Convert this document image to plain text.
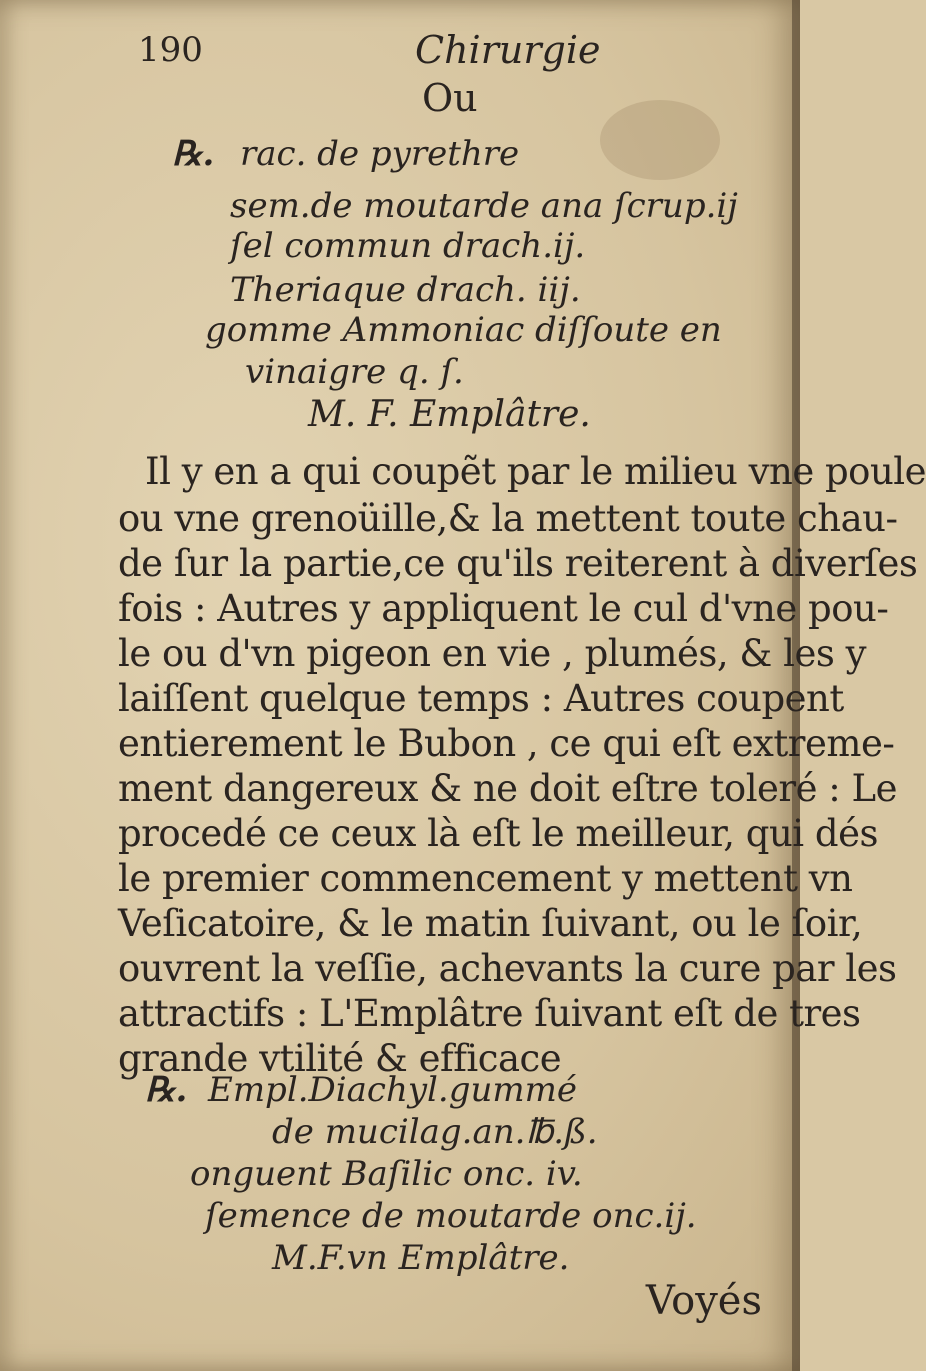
190	Chirurgie
Ou
℞. rac. de pyrethre
sem.de moutarde ana ſcrup.ij
ſel commun drach.ij.
Theriaque drach. iij.
gomme Ammoniac diſſoute en
vinaigre q. ſ.
M. F. Emplâtre.
Il y en a qui coupẽt par le milieu vne poule
ou vne grenoüille,& la mettent toute chau-
de ſur la partie,ce qu'ils reiterent à diverſes
fois : Autres y appliquent le cul d'vne pou-
le ou d'vn pigeon en vie , plumés, & les y
laiſſent quelque temps : Autres coupent
entierement le Bubon , ce qui eſt extreme-
ment dangereux & ne doit eſtre toleré : Le
procedé ce ceux là eſt le meilleur, qui dés
le premier commencement y mettent vn
Veſicatoire, & le matin ſuivant, ou le ſoir,
ouvrent la veſſie, achevants la cure par les
attractifs : L'Emplâtre ſuivant eſt de tres
grande vtilité & efficace
℞. Empl.Diachyl.gummé
de mucilag.an.℔.ß.
onguent Baſilic onc. iv.
ſemence de moutarde onc.ij.
M.F.vn Emplâtre.
Voyés
